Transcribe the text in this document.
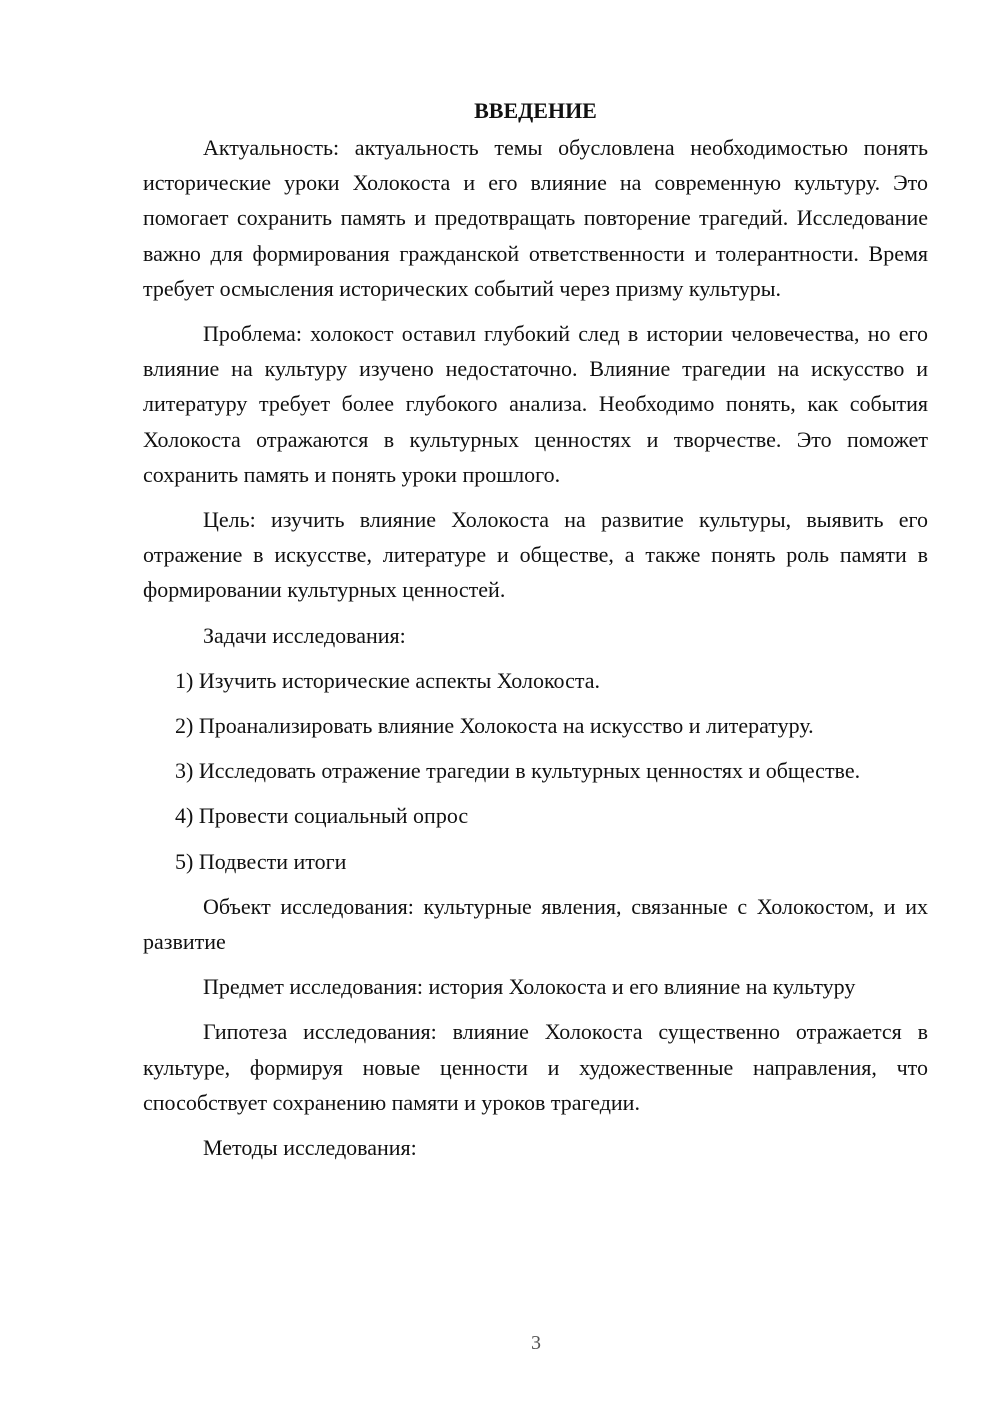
ВВЕДЕНИЕ

Актуальность: актуальность темы обусловлена необходимостью понять исторические уроки Холокоста и его влияние на современную культуру. Это помогает сохранить память и предотвращать повторение трагедий. Исследование важно для формирования гражданской ответственности и толерантности. Время требует осмысления исторических событий через призму культуры.

Проблема: холокост оставил глубокий след в истории человечества, но его влияние на культуру изучено недостаточно. Влияние трагедии на искусство и литературу требует более глубокого анализа. Необходимо понять, как события Холокоста отражаются в культурных ценностях и творчестве. Это поможет сохранить память и понять уроки прошлого.

Цель: изучить влияние Холокоста на развитие культуры, выявить его отражение в искусстве, литературе и обществе, а также понять роль памяти в формировании культурных ценностей.

Задачи исследования:

1) Изучить исторические аспекты Холокоста.

2) Проанализировать влияние Холокоста на искусство и литературу.

3) Исследовать отражение трагедии в культурных ценностях и обществе.

4) Провести социальный опрос

5) Подвести итоги

Объект исследования: культурные явления, связанные с Холокостом, и их развитие

Предмет исследования: история Холокоста и его влияние на культуру

Гипотеза исследования: влияние Холокоста существенно отражается в культуре, формируя новые ценности и художественные направления, что способствует сохранению памяти и уроков трагедии.

Методы исследования:

3
